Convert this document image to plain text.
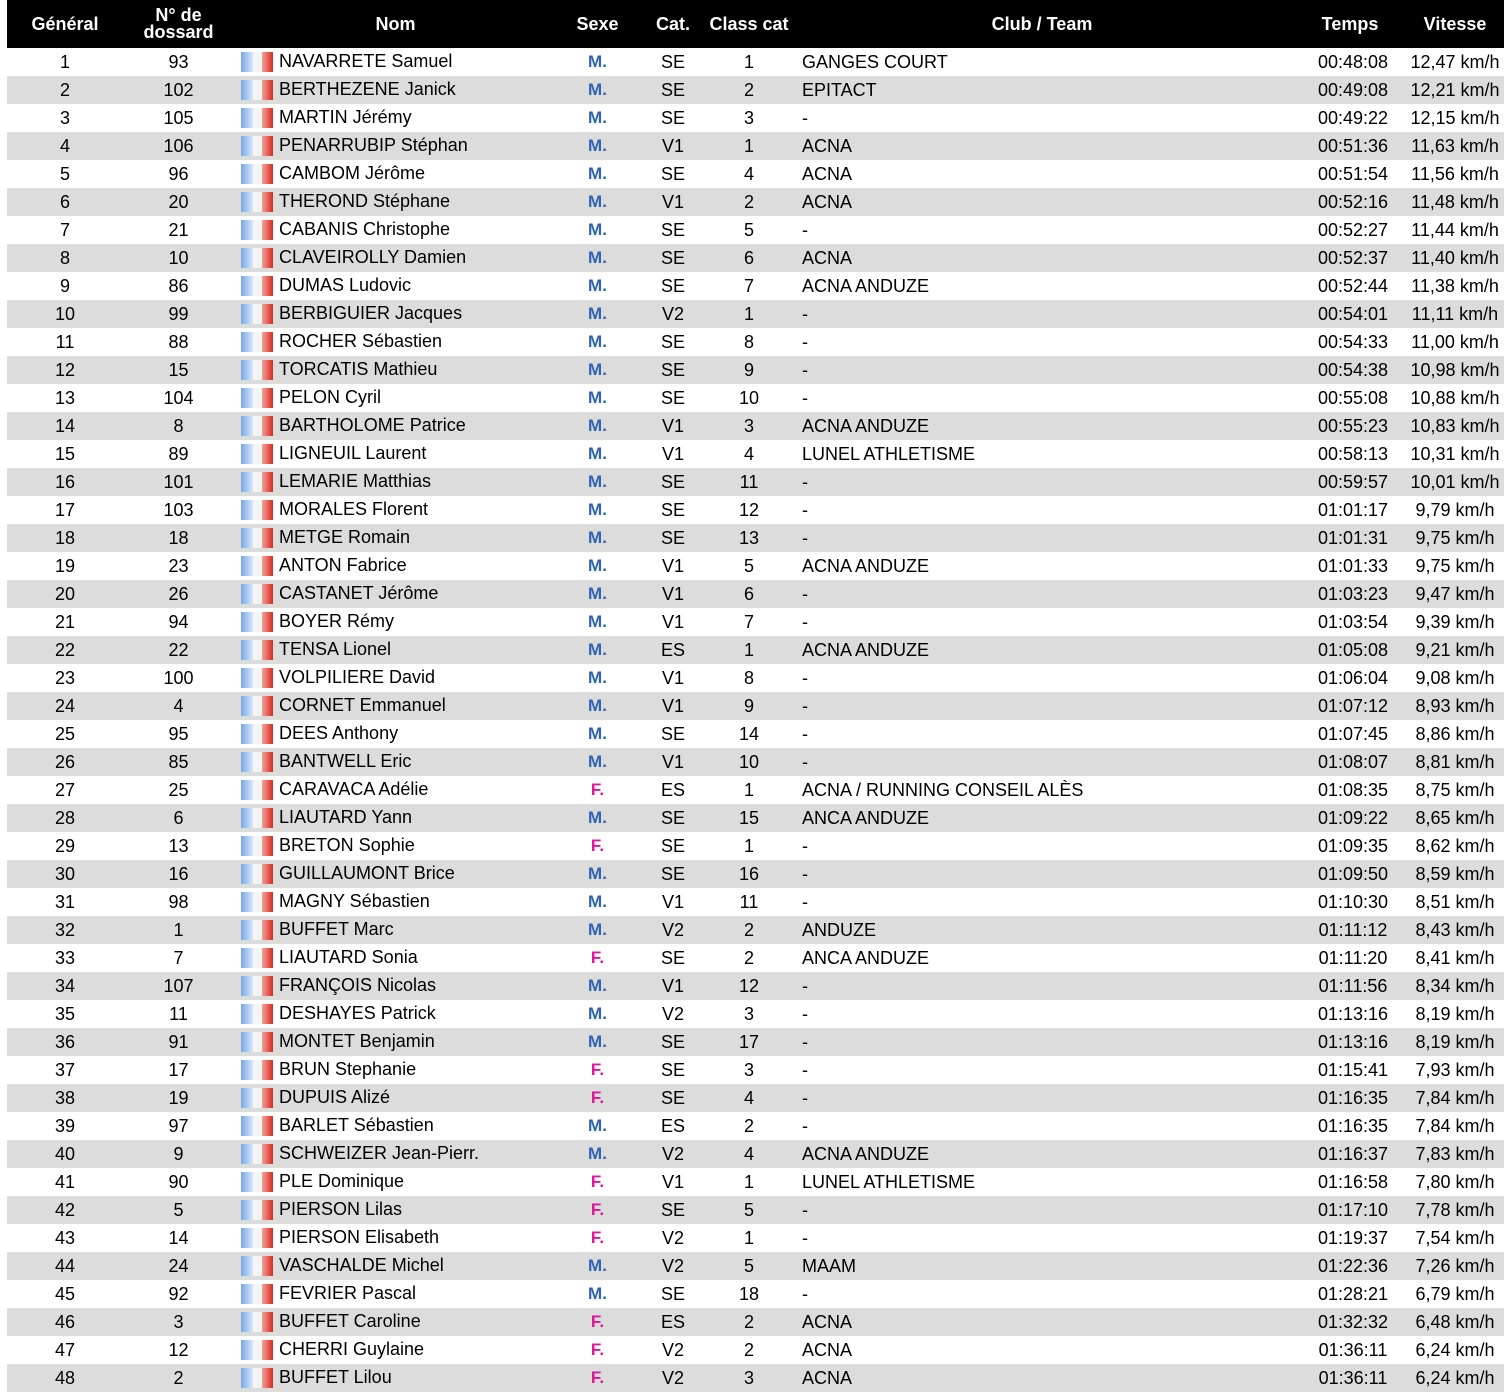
Général	N° de dossard	Nom	Sexe	Cat.	Class cat	Club / Team	Temps	Vitesse
1	93	NAVARRETE Samuel	M.	SE	1	GANGES COURT	00:48:08	12,47 km/h
2	102	BERTHEZENE Janick	M.	SE	2	EPITACT	00:49:08	12,21 km/h
3	105	MARTIN Jérémy	M.	SE	3	-	00:49:22	12,15 km/h
4	106	PENARRUBIP Stéphan	M.	V1	1	ACNA	00:51:36	11,63 km/h
5	96	CAMBOM Jérôme	M.	SE	4	ACNA	00:51:54	11,56 km/h
6	20	THEROND Stéphane	M.	V1	2	ACNA	00:52:16	11,48 km/h
7	21	CABANIS Christophe	M.	SE	5	-	00:52:27	11,44 km/h
8	10	CLAVEIROLLY Damien	M.	SE	6	ACNA	00:52:37	11,40 km/h
9	86	DUMAS Ludovic	M.	SE	7	ACNA ANDUZE	00:52:44	11,38 km/h
10	99	BERBIGUIER Jacques	M.	V2	1	-	00:54:01	11,11 km/h
11	88	ROCHER Sébastien	M.	SE	8	-	00:54:33	11,00 km/h
12	15	TORCATIS Mathieu	M.	SE	9	-	00:54:38	10,98 km/h
13	104	PELON Cyril	M.	SE	10	-	00:55:08	10,88 km/h
14	8	BARTHOLOME Patrice	M.	V1	3	ACNA ANDUZE	00:55:23	10,83 km/h
15	89	LIGNEUIL Laurent	M.	V1	4	LUNEL ATHLETISME	00:58:13	10,31 km/h
16	101	LEMARIE Matthias	M.	SE	11	-	00:59:57	10,01 km/h
17	103	MORALES Florent	M.	SE	12	-	01:01:17	9,79 km/h
18	18	METGE Romain	M.	SE	13	-	01:01:31	9,75 km/h
19	23	ANTON Fabrice	M.	V1	5	ACNA ANDUZE	01:01:33	9,75 km/h
20	26	CASTANET Jérôme	M.	V1	6	-	01:03:23	9,47 km/h
21	94	BOYER Rémy	M.	V1	7	-	01:03:54	9,39 km/h
22	22	TENSA Lionel	M.	ES	1	ACNA ANDUZE	01:05:08	9,21 km/h
23	100	VOLPILIERE David	M.	V1	8	-	01:06:04	9,08 km/h
24	4	CORNET Emmanuel	M.	V1	9	-	01:07:12	8,93 km/h
25	95	DEES Anthony	M.	SE	14	-	01:07:45	8,86 km/h
26	85	BANTWELL Eric	M.	V1	10	-	01:08:07	8,81 km/h
27	25	CARAVACA Adélie	F.	ES	1	ACNA / RUNNING CONSEIL ALÈS	01:08:35	8,75 km/h
28	6	LIAUTARD Yann	M.	SE	15	ANCA ANDUZE	01:09:22	8,65 km/h
29	13	BRETON Sophie	F.	SE	1	-	01:09:35	8,62 km/h
30	16	GUILLAUMONT Brice	M.	SE	16	-	01:09:50	8,59 km/h
31	98	MAGNY Sébastien	M.	V1	11	-	01:10:30	8,51 km/h
32	1	BUFFET Marc	M.	V2	2	ANDUZE	01:11:12	8,43 km/h
33	7	LIAUTARD Sonia	F.	SE	2	ANCA ANDUZE	01:11:20	8,41 km/h
34	107	FRANÇOIS Nicolas	M.	V1	12	-	01:11:56	8,34 km/h
35	11	DESHAYES Patrick	M.	V2	3	-	01:13:16	8,19 km/h
36	91	MONTET Benjamin	M.	SE	17	-	01:13:16	8,19 km/h
37	17	BRUN Stephanie	F.	SE	3	-	01:15:41	7,93 km/h
38	19	DUPUIS Alizé	F.	SE	4	-	01:16:35	7,84 km/h
39	97	BARLET Sébastien	M.	ES	2	-	01:16:35	7,84 km/h
40	9	SCHWEIZER Jean-Pierr.	M.	V2	4	ACNA ANDUZE	01:16:37	7,83 km/h
41	90	PLE Dominique	F.	V1	1	LUNEL ATHLETISME	01:16:58	7,80 km/h
42	5	PIERSON Lilas	F.	SE	5	-	01:17:10	7,78 km/h
43	14	PIERSON Elisabeth	F.	V2	1	-	01:19:37	7,54 km/h
44	24	VASCHALDE Michel	M.	V2	5	MAAM	01:22:36	7,26 km/h
45	92	FEVRIER Pascal	M.	SE	18	-	01:28:21	6,79 km/h
46	3	BUFFET Caroline	F.	ES	2	ACNA	01:32:32	6,48 km/h
47	12	CHERRI Guylaine	F.	V2	2	ACNA	01:36:11	6,24 km/h
48	2	BUFFET Lilou	F.	V2	3	ACNA	01:36:11	6,24 km/h
